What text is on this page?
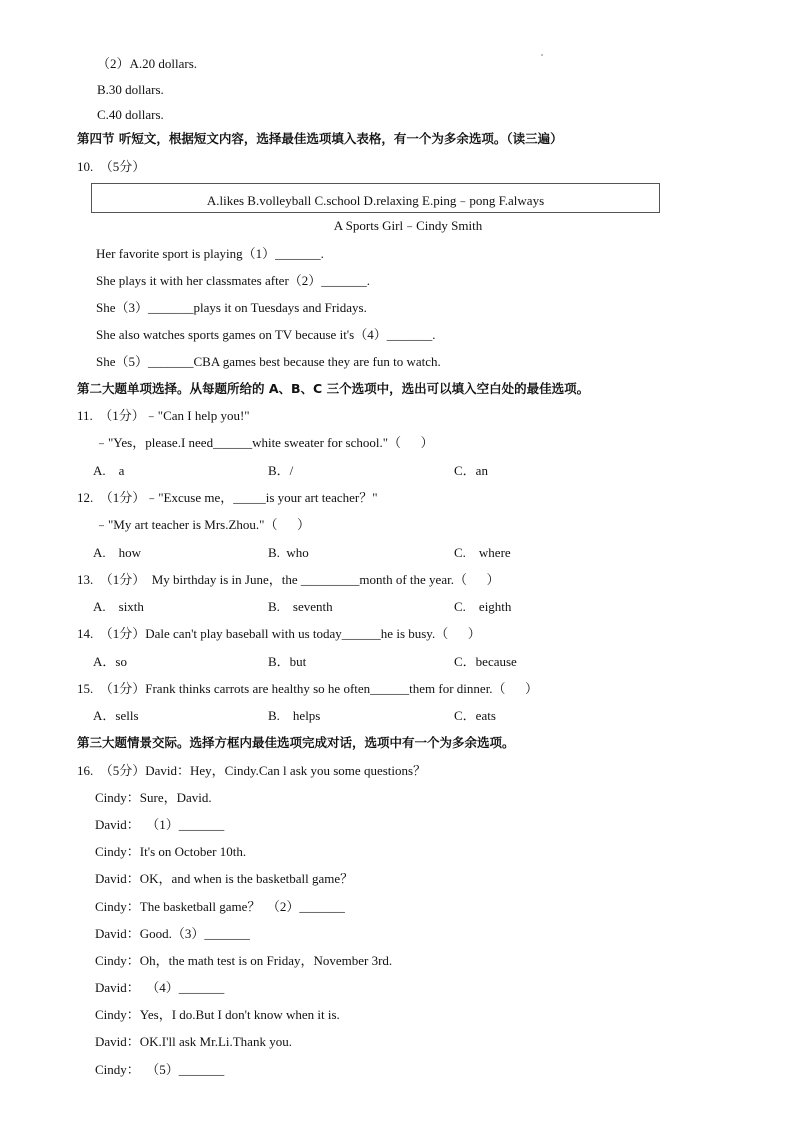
（2）A.20 dollars.
B.30 dollars.
C.40 dollars.
第四节 听短文，根据短文内容，选择最佳选项填入表格，有一个为多余选项。（读三遍）
10.  （5分）
A.likes B.volleyball C.school D.relaxing E.ping﹣pong F.always
A Sports Girl﹣Cindy Smith
Her favorite sport is playing（1）_______.
She plays it with her classmates after（2）_______.
She（3）_______plays it on Tuesdays and Fridays.
She also watches sports games on TV because it's（4）_______.
She（5）_______CBA games best because they are fun to watch.
第二大题单项选择。从每题所给的 A、B、C 三个选项中，选出可以填入空白处的最佳选项。
11.  （1分）﹣"Can I help you!"
﹣"Yes，please.I need______white sweater for school."（      ）
A.    a	B．/	C．an
12.  （1分）﹣"Excuse me，_____is your art teacher？"
﹣"My art teacher is Mrs.Zhou."（      ）
A.    how	B.  who	C.    where
13.  （1分）  My birthday is in June，the _________month of the year.（      ）
A.    sixth	B.    seventh	C.    eighth
14.  （1分）Dale can't play baseball with us today______he is busy.（      ）
A．so	B．but	C．because
15.  （1分）Frank thinks carrots are healthy so he often______them for dinner.（      ）
A．sells	B.    helps	C．eats
第三大题情景交际。选择方框内最佳选项完成对话，选项中有一个为多余选项。
16.  （5分）David：Hey，Cindy.Can l ask you some questions？
Cindy：Sure，David.
David：  （1）_______
Cindy：It's on October 10th.
David：OK，and when is the basketball game？
Cindy：The basketball game？  （2）_______
David：Good.（3）_______
Cindy：Oh，the math test is on Friday，November 3rd.
David：  （4）_______
Cindy：Yes，I do.But I don't know when it is.
David：OK.I'll ask Mr.Li.Thank you.
Cindy：  （5）_______
